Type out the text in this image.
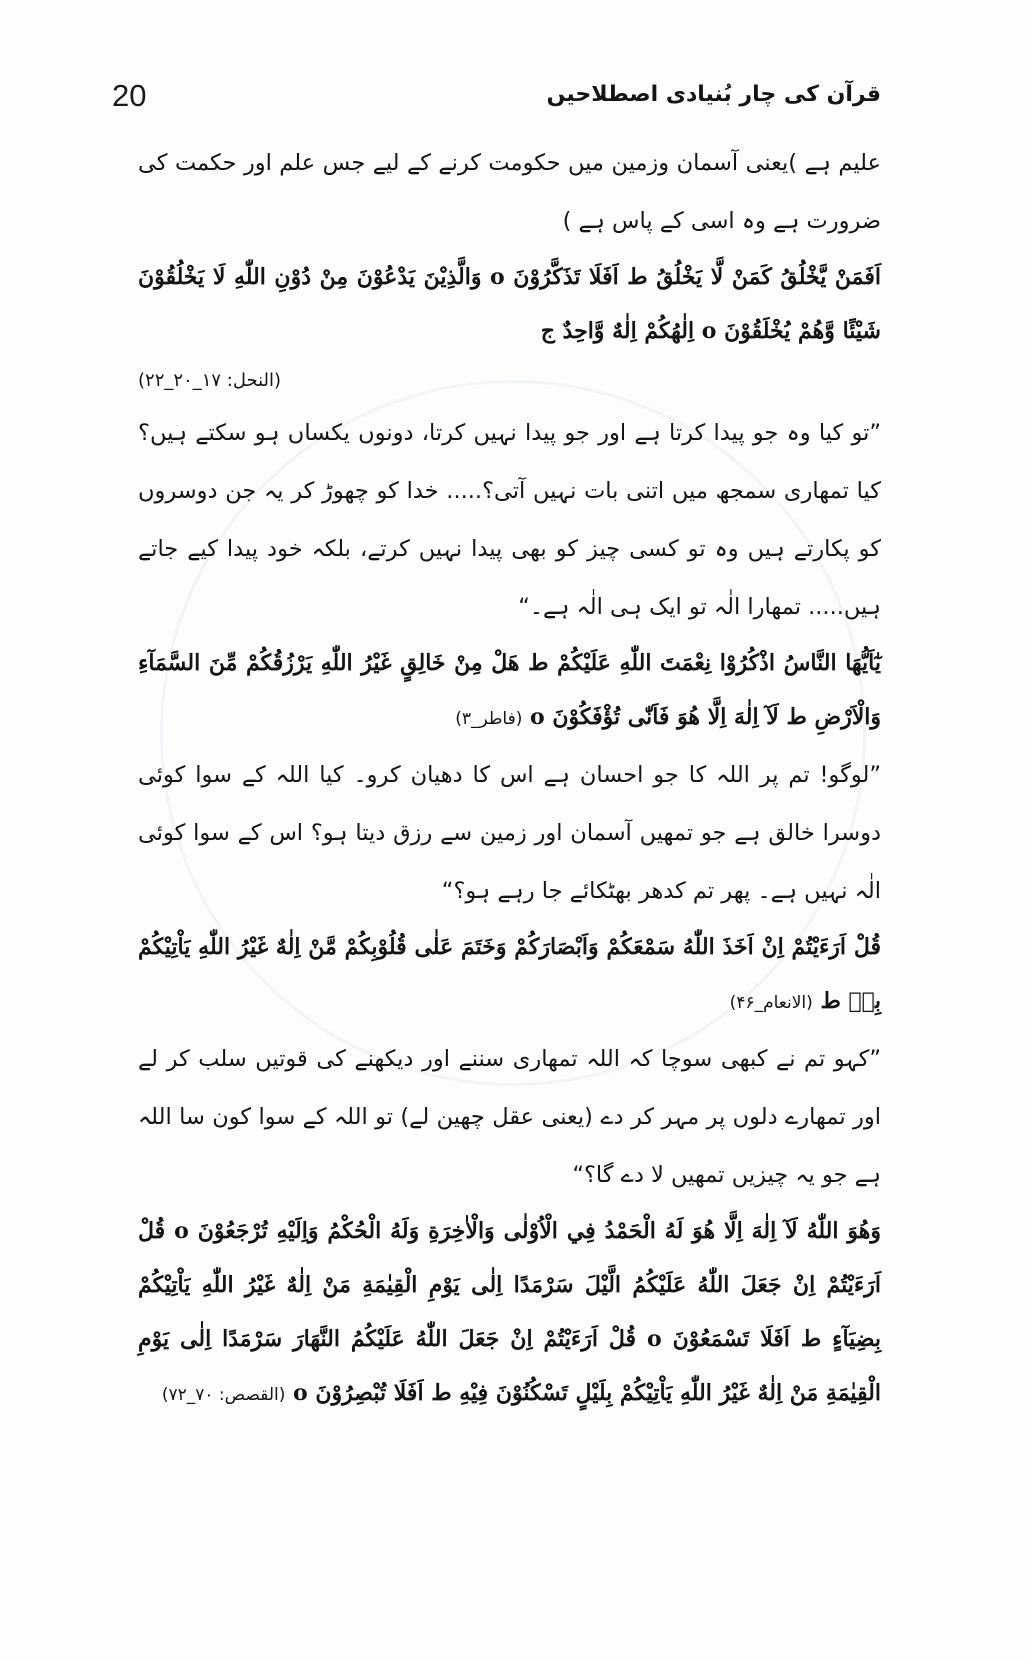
20	قرآن کی چار بُنیادی اصطلاحیں

علیم ہے )یعنی آسمان وزمین میں حکومت کرنے کے لیے جس علم اور حکمت کی ضرورت ہے وہ اسی کے پاس ہے )

اَفَمَنْ يَّخْلُقُ كَمَنْ لَّا يَخْلُقُ ط اَفَلَا تَذَكَّرُوْنَ o وَالَّذِيْنَ يَدْعُوْنَ مِنْ دُوْنِ اللّٰهِ لَا يَخْلُقُوْنَ شَيْئًا وَّهُمْ يُخْلَقُوْنَ o اِلٰهُكُمْ اِلٰهٌ وَّاحِدٌ ج

(النحل: ۱۷_۲۰_۲۲)

”تو کیا وہ جو پیدا کرتا ہے اور جو پیدا نہیں کرتا، دونوں یکساں ہو سکتے ہیں؟ کیا تمھاری سمجھ میں اتنی بات نہیں آتی؟..... خدا کو چھوڑ کر یہ جن دوسروں کو پکارتے ہیں وہ تو کسی چیز کو بھی پیدا نہیں کرتے، بلکہ خود پیدا کیے جاتے ہیں..... تمھارا الٰہ تو ایک ہی الٰہ ہے۔“

يٰٓاَيُّهَا النَّاسُ اذْكُرُوْا نِعْمَتَ اللّٰهِ عَلَيْكُمْ ط هَلْ مِنْ خَالِقٍ غَيْرُ اللّٰهِ يَرْزُقُكُمْ مِّنَ السَّمَآءِ وَالْاَرْضِ ط لَآ اِلٰهَ اِلَّا هُوَ فَاَنّٰى تُؤْفَكُوْنَ o (فاطر_۳)

”لوگو! تم پر اللہ کا جو احسان ہے اس کا دھیان کرو۔ کیا اللہ کے سوا کوئی دوسرا خالق ہے جو تمھیں آسمان اور زمین سے رزق دیتا ہو؟ اس کے سوا کوئی الٰہ نہیں ہے۔ پھر تم کدھر بھٹکائے جا رہے ہو؟“

قُلْ اَرَءَيْتُمْ اِنْ اَخَذَ اللّٰهُ سَمْعَكُمْ وَاَبْصَارَكُمْ وَخَتَمَ عَلٰى قُلُوْبِكُمْ مَّنْ اِلٰهٌ غَيْرُ اللّٰهِ يَاْتِيْكُمْ بِهٖ ط (الانعام_۴۶)

”کہو تم نے کبھی سوچا کہ اللہ تمھاری سننے اور دیکھنے کی قوتیں سلب کر لے اور تمھارے دلوں پر مہر کر دے (یعنی عقل چھین لے) تو اللہ کے سوا کون سا اللہ ہے جو یہ چیزیں تمھیں لا دے گا؟“

وَهُوَ اللّٰهُ لَآ اِلٰهَ اِلَّا هُوَ لَهُ الْحَمْدُ فِي الْاُوْلٰى وَالْاٰخِرَةِ وَلَهُ الْحُكْمُ وَاِلَيْهِ تُرْجَعُوْنَ o قُلْ اَرَءَيْتُمْ اِنْ جَعَلَ اللّٰهُ عَلَيْكُمُ الَّيْلَ سَرْمَدًا اِلٰى يَوْمِ الْقِيٰمَةِ مَنْ اِلٰهٌ غَيْرُ اللّٰهِ يَاْتِيْكُمْ بِضِيَآءٍ ط اَفَلَا تَسْمَعُوْنَ o قُلْ اَرَءَيْتُمْ اِنْ جَعَلَ اللّٰهُ عَلَيْكُمُ النَّهَارَ سَرْمَدًا اِلٰى يَوْمِ الْقِيٰمَةِ مَنْ اِلٰهٌ غَيْرُ اللّٰهِ يَاْتِيْكُمْ بِلَيْلٍ تَسْكُنُوْنَ فِيْهِ ط اَفَلَا تُبْصِرُوْنَ o (القصص: ۷۰_۷۲)
